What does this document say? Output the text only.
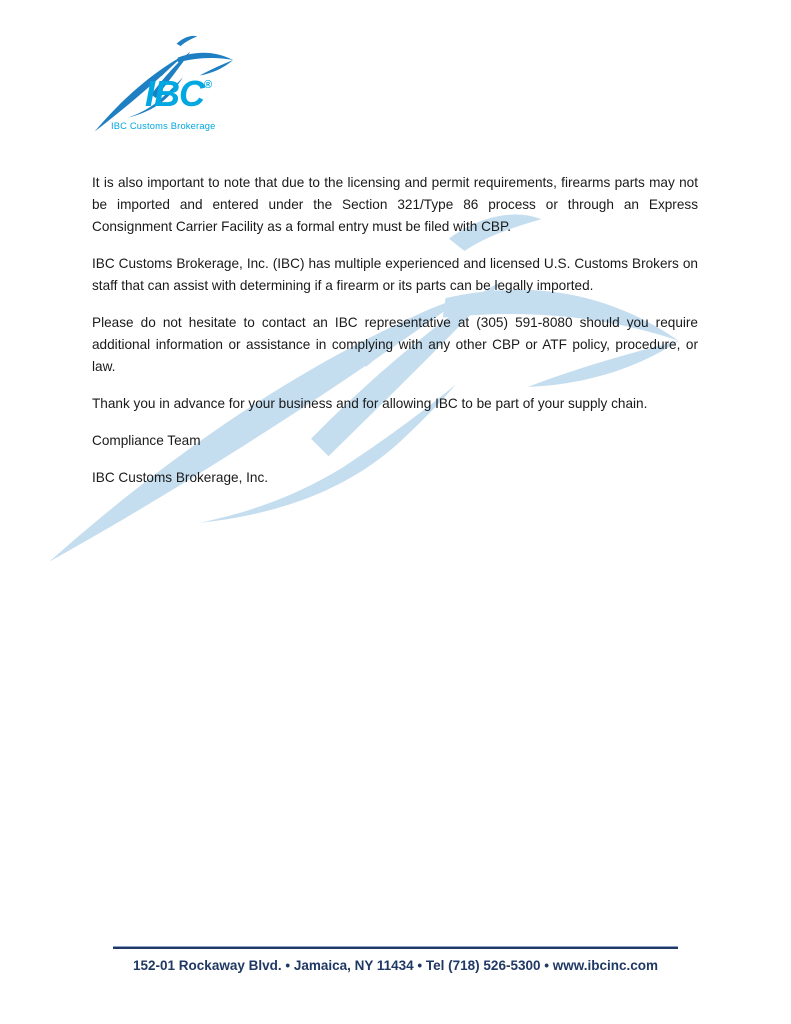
IBC®
IBC Customs Brokerage

It is also important to note that due to the licensing and permit requirements, firearms parts may not be imported and entered under the Section 321/Type 86 process or through an Express Consignment Carrier Facility as a formal entry must be filed with CBP.

IBC Customs Brokerage, Inc. (IBC) has multiple experienced and licensed U.S. Customs Brokers on staff that can assist with determining if a firearm or its parts can be legally imported.

Please do not hesitate to contact an IBC representative at (305) 591-8080 should you require additional information or assistance in complying with any other CBP or ATF policy, procedure, or law.

Thank you in advance for your business and for allowing IBC to be part of your supply chain.

Compliance Team

IBC Customs Brokerage, Inc.

152-01 Rockaway Blvd. • Jamaica, NY 11434 • Tel (718) 526-5300 • www.ibcinc.com
